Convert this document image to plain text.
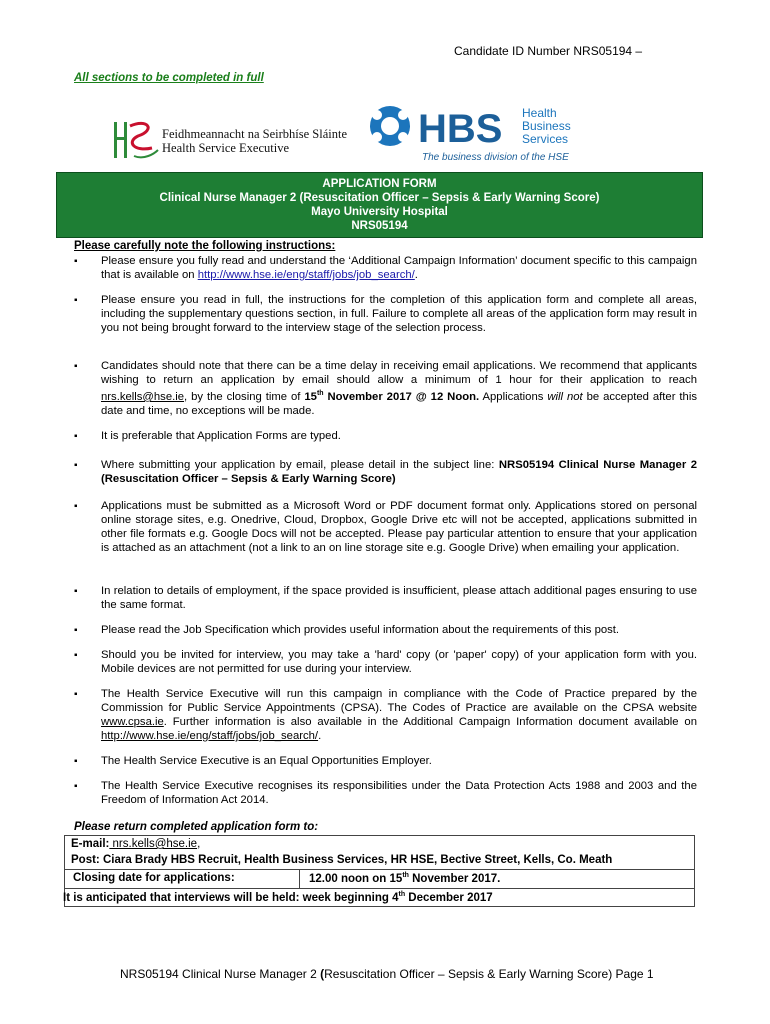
Candidate ID Number NRS05194 –
All sections to be completed in full
Feidhmeannacht na Seirbhíse Sláinte
Health Service Executive	HBS Health
Business
Services
The business division of the HSE
APPLICATION FORM
Clinical Nurse Manager 2 (Resuscitation Officer – Sepsis & Early Warning Score)
Mayo University Hospital
NRS05194
Please carefully note the following instructions:
▪ Please ensure you fully read and understand the ‘Additional Campaign Information’ document specific to this campaign that is available on http://www.hse.ie/eng/staff/jobs/job_search/.
▪ Please ensure you read in full, the instructions for the completion of this application form and complete all areas, including the supplementary questions section, in full. Failure to complete all areas of the application form may result in you not being brought forward to the interview stage of the selection process.
▪ Candidates should note that there can be a time delay in receiving email applications. We recommend that applicants wishing to return an application by email should allow a minimum of 1 hour for their application to reach nrs.kells@hse.ie, by the closing time of 15th November 2017 @ 12 Noon. Applications will not be accepted after this date and time, no exceptions will be made.
▪ It is preferable that Application Forms are typed.
▪ Where submitting your application by email, please detail in the subject line: NRS05194 Clinical Nurse Manager 2 (Resuscitation Officer – Sepsis & Early Warning Score)
▪ Applications must be submitted as a Microsoft Word or PDF document format only. Applications stored on personal online storage sites, e.g. Onedrive, Cloud, Dropbox, Google Drive etc will not be accepted, applications submitted in other file formats e.g. Google Docs will not be accepted. Please pay particular attention to ensure that your application is attached as an attachment (not a link to an on line storage site e.g. Google Drive) when emailing your application.
▪ In relation to details of employment, if the space provided is insufficient, please attach additional pages ensuring to use the same format.
▪ Please read the Job Specification which provides useful information about the requirements of this post.
▪ Should you be invited for interview, you may take a 'hard' copy (or 'paper' copy) of your application form with you. Mobile devices are not permitted for use during your interview.
▪ The Health Service Executive will run this campaign in compliance with the Code of Practice prepared by the Commission for Public Service Appointments (CPSA). The Codes of Practice are available on the CPSA website www.cpsa.ie. Further information is also available in the Additional Campaign Information document available on http://www.hse.ie/eng/staff/jobs/job_search/.
▪ The Health Service Executive is an Equal Opportunities Employer.
▪ The Health Service Executive recognises its responsibilities under the Data Protection Acts 1988 and 2003 and the Freedom of Information Act 2014.
Please return completed application form to:
E-mail: nrs.kells@hse.ie,
Post: Ciara Brady HBS Recruit, Health Business Services, HR HSE, Bective Street, Kells, Co. Meath
Closing date for applications:	12.00 noon on 15th November 2017.
It is anticipated that interviews will be held: week beginning 4th December 2017
NRS05194 Clinical Nurse Manager 2 (Resuscitation Officer – Sepsis & Early Warning Score) Page 1
